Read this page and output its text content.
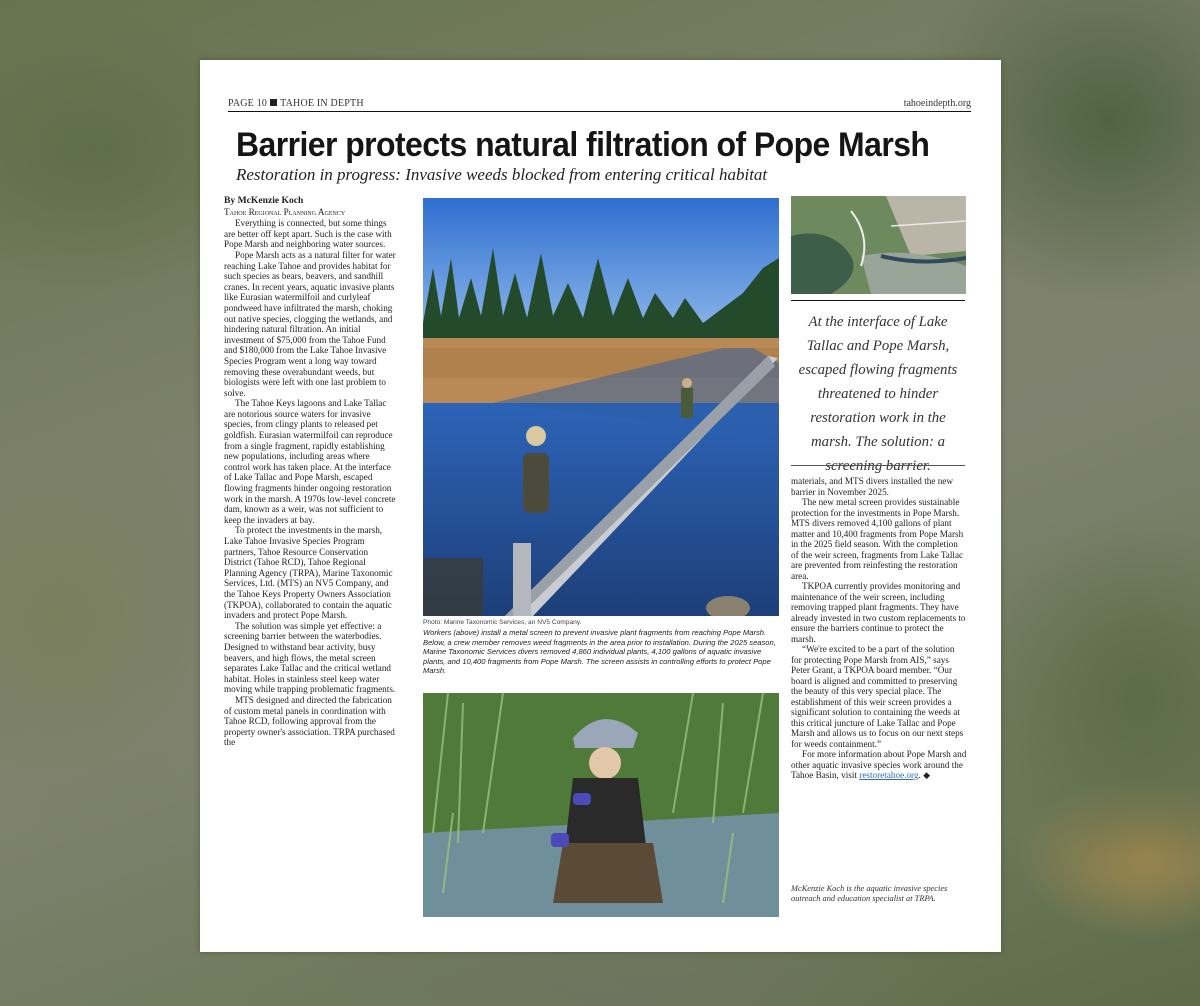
PAGE 10 TAHOE IN DEPTH	tahoeindepth.org
Barrier protects natural filtration of Pope Marsh
Restoration in progress: Invasive weeds blocked from entering critical habitat
By McKenzie Koch
Tahoe Regional Planning Agency

Everything is connected, but some things are better off kept apart. Such is the case with Pope Marsh and neighboring water sources.

Pope Marsh acts as a natural filter for water reaching Lake Tahoe and provides habitat for such species as bears, beavers, and sandhill cranes. In recent years, aquatic invasive plants like Eurasian watermilfoil and curlyleaf pondweed have infiltrated the marsh, choking out native species, clogging the wetlands, and hindering natural filtration. An initial investment of $75,000 from the Tahoe Fund and $180,000 from the Lake Tahoe Invasive Species Program went a long way toward removing these overabundant weeds, but biologists were left with one last problem to solve.

The Tahoe Keys lagoons and Lake Tallac are notorious source waters for invasive species, from clingy plants to released pet goldfish. Eurasian watermilfoil can reproduce from a single fragment, rapidly establishing new populations, including areas where control work has taken place. At the interface of Lake Tallac and Pope Marsh, escaped flowing fragments hinder ongoing restoration work in the marsh. A 1970s low-level concrete dam, known as a weir, was not sufficient to keep the invaders at bay.

To protect the investments in the marsh, Lake Tahoe Invasive Species Program partners, Tahoe Resource Conservation District (Tahoe RCD), Tahoe Regional Planning Agency (TRPA), Marine Taxonomic Services, Ltd. (MTS) an NV5 Company, and the Tahoe Keys Property Owners Association (TKPOA), collaborated to contain the aquatic invaders and protect Pope Marsh.

The solution was simple yet effective: a screening barrier between the waterbodies. Designed to withstand bear activity, busy beavers, and high flows, the metal screen separates Lake Tallac and the critical wetland habitat. Holes in stainless steel keep water moving while trapping problematic fragments.

MTS designed and directed the fabrication of custom metal panels in coordination with Tahoe RCD, following approval from the property owner's association. TRPA purchased the

Photo: Marine Taxonomic Services, an NV5 Company.
Workers (above) install a metal screen to prevent invasive plant fragments from reaching Pope Marsh. Below, a crew member removes weed fragments in the area prior to installation. During the 2025 season, Marine Taxonomic Services divers removed 4,860 individual plants, 4,100 gallons of aquatic invasive plants, and 10,400 fragments from Pope Marsh. The screen assists in controlling efforts to protect Pope Marsh.
At the interface of Lake Tallac and Pope Marsh, escaped flowing fragments threatened to hinder restoration work in the marsh. The solution: a screening barrier.

materials, and MTS divers installed the new barrier in November 2025.

The new metal screen provides sustainable protection for the investments in Pope Marsh. MTS divers removed 4,100 gallons of plant matter and 10,400 fragments from Pope Marsh in the 2025 field season. With the completion of the weir screen, fragments from Lake Tallac are prevented from reinfesting the restoration area.

TKPOA currently provides monitoring and maintenance of the weir screen, including removing trapped plant fragments. They have already invested in two custom replacements to ensure the barriers continue to protect the marsh.

“We're excited to be a part of the solution for protecting Pope Marsh from AIS,” says Peter Grant, a TKPOA board member. “Our board is aligned and committed to preserving the beauty of this very special place. The establishment of this weir screen provides a significant solution to containing the weeds at this critical juncture of Lake Tallac and Pope Marsh and allows us to focus on our next steps for weeds containment.”

For more information about Pope Marsh and other aquatic invasive species work around the Tahoe Basin, visit restoretahoe.org. ◆

McKenzie Koch is the aquatic invasive species outreach and education specialist at TRPA.
